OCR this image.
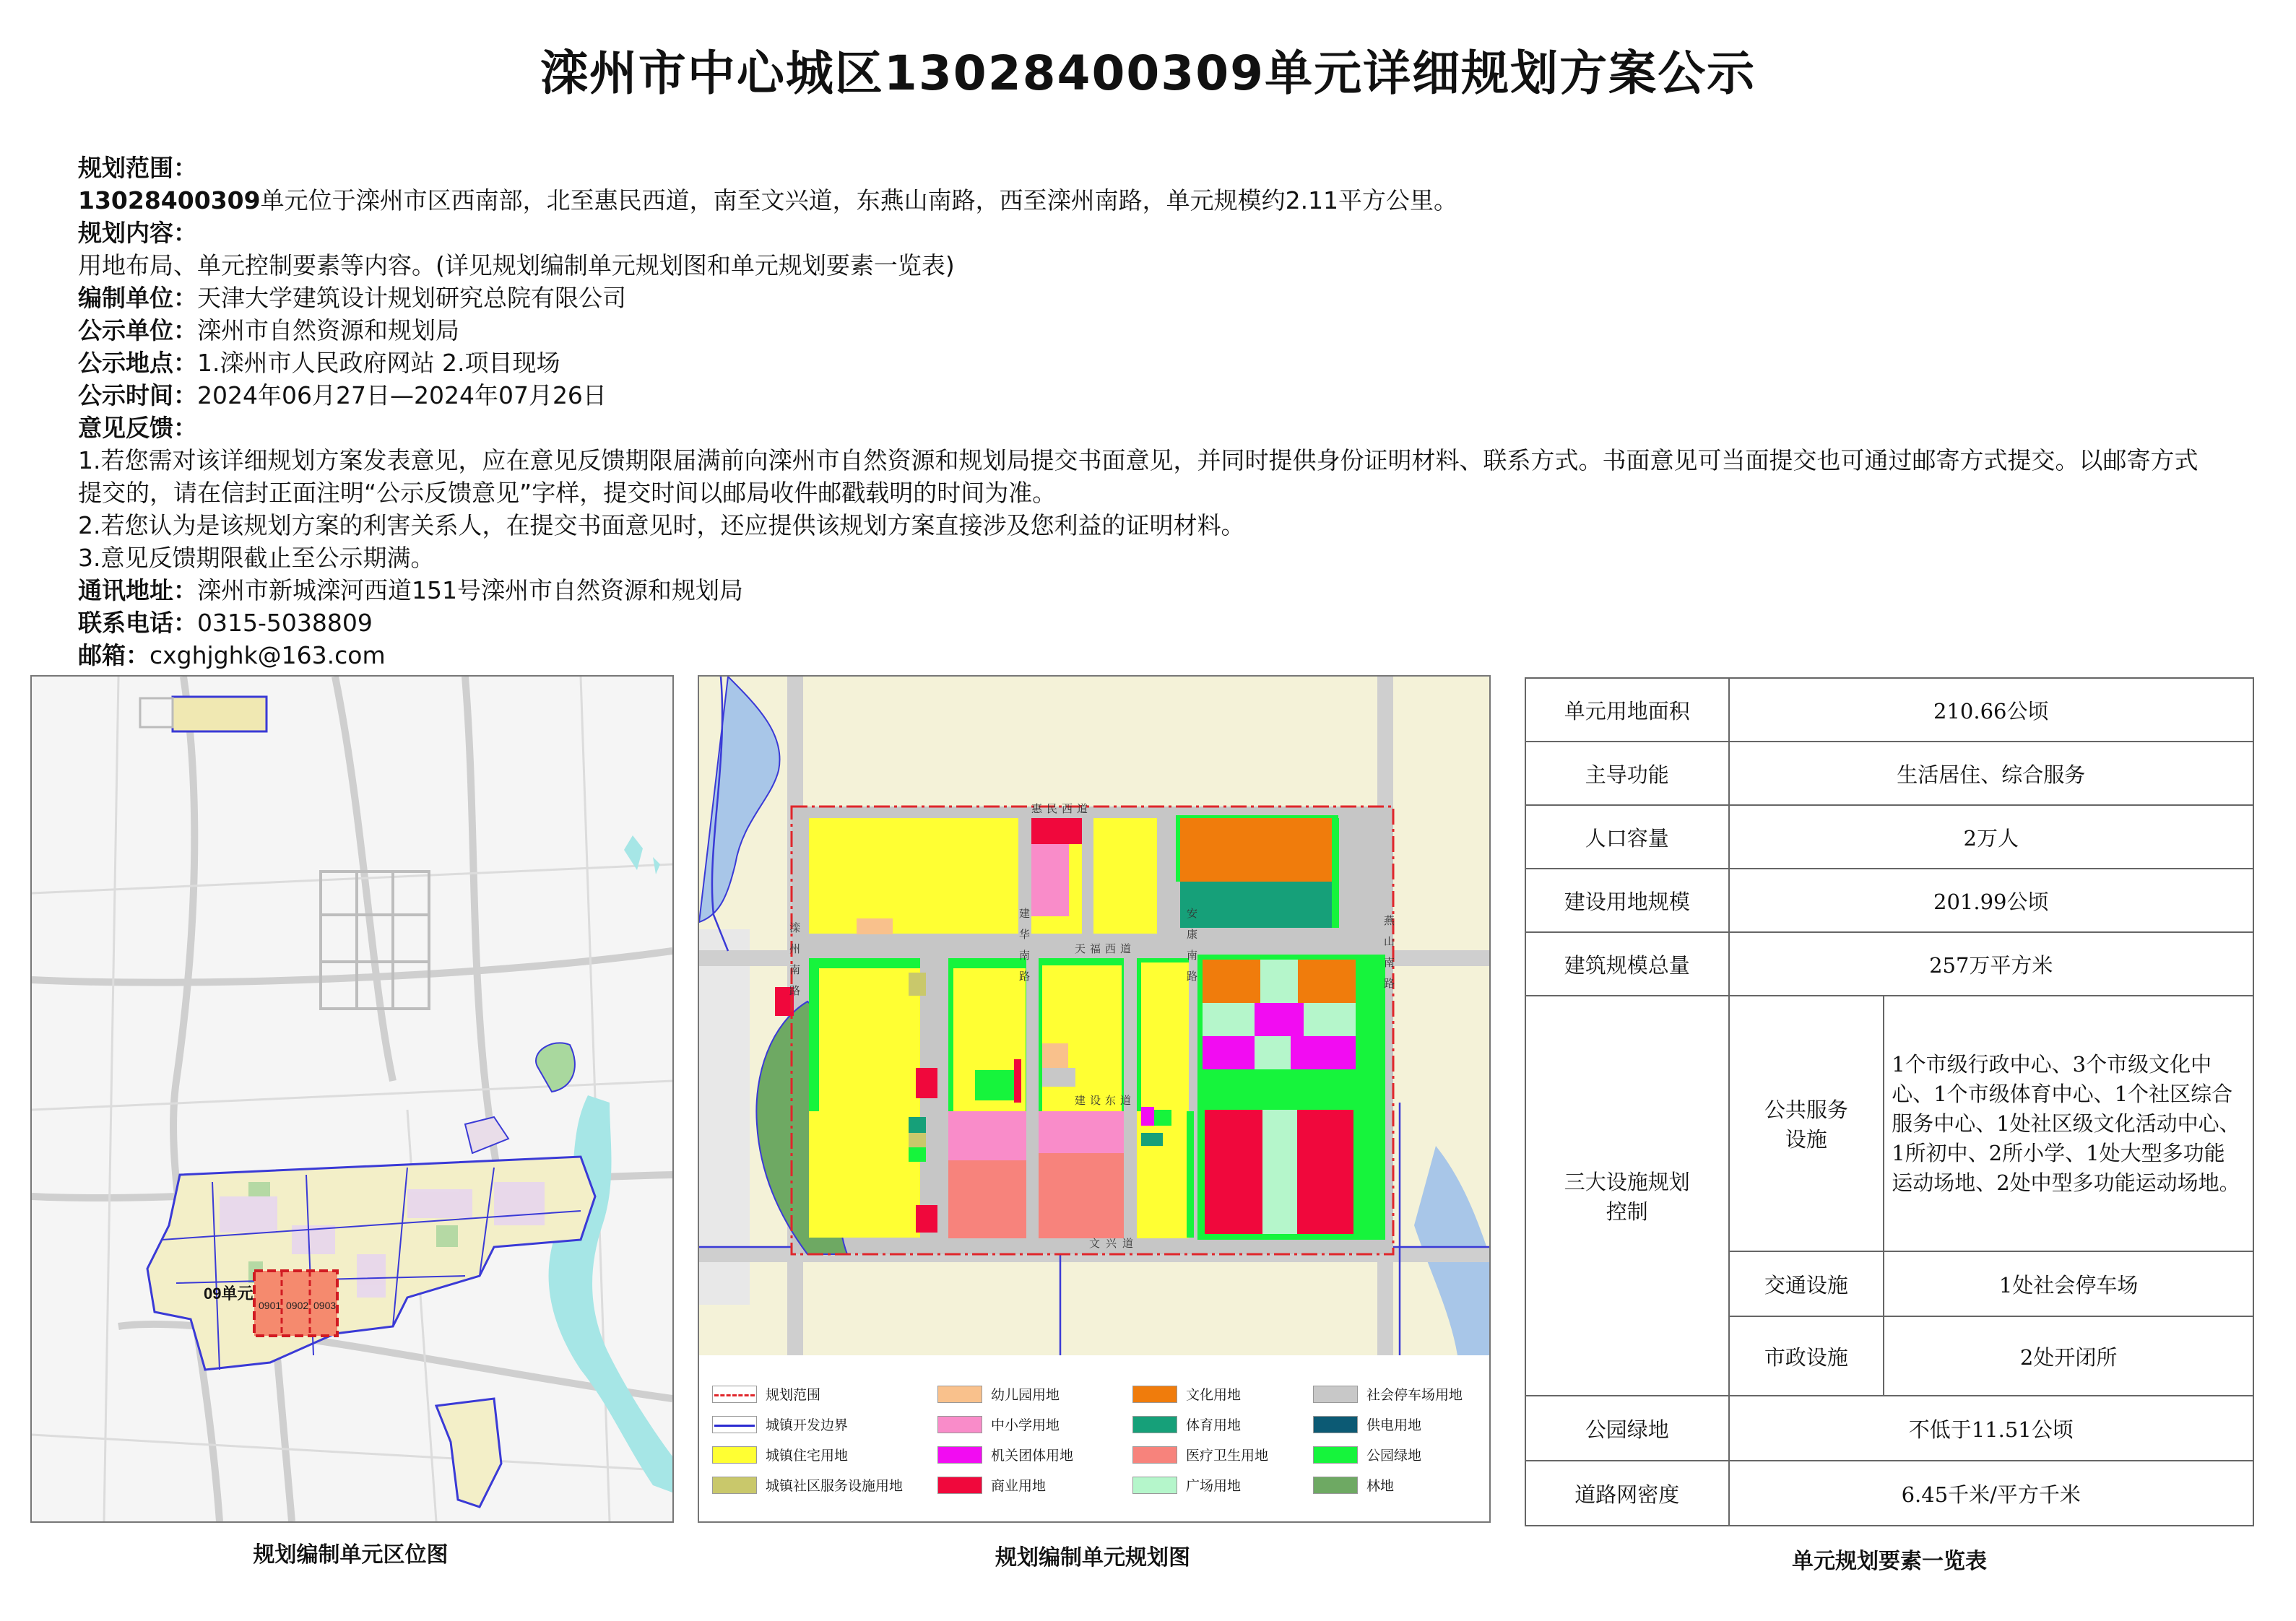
滦州市中心城区13028400309单元详细规划方案公示
规划范围：
13028400309单元位于滦州市区西南部，北至惠民西道，南至文兴道，东燕山南路，西至滦州南路，单元规模约2.11平方公里。
规划内容：
用地布局、单元控制要素等内容。(详见规划编制单元规划图和单元规划要素一览表)
编制单位：天津大学建筑设计规划研究总院有限公司
公示单位：滦州市自然资源和规划局
公示地点：1.滦州市人民政府网站 2.项目现场
公示时间：2024年06月27日—2024年07月26日
意见反馈：
1.若您需对该详细规划方案发表意见，应在意见反馈期限届满前向滦州市自然资源和规划局提交书面意见，并同时提供身份证明材料、联系方式。书面意见可当面提交也可通过邮寄方式提交。以邮寄方式提交的，请在信封正面注明“公示反馈意见”字样，提交时间以邮局收件邮戳载明的时间为准。
2.若您认为是该规划方案的利害关系人，在提交书面意见时，还应提供该规划方案直接涉及您利益的证明材料。
3.意见反馈期限截止至公示期满。
通讯地址：滦州市新城滦河西道151号滦州市自然资源和规划局
联系电话：0315-5038809
邮箱：cxghjghk@163.com
0901 0902 0903
09单元
规划编制单元区位图
惠民西道
天福西道
建设东道
文兴道
滦州南路	建华南路	安康南路	燕山南路
规划范围	幼儿园用地	文化用地	社会停车场用地
城镇开发边界	中小学用地	体育用地	供电用地
城镇住宅用地	机关团体用地	医疗卫生用地	公园绿地
城镇社区服务设施用地	商业用地	广场用地	林地
规划编制单元规划图
单元用地面积	210.66公顷	
主导功能	生活居住、综合服务	
人口容量	2万人	
建设用地规模	201.99公顷	
建筑规模总量	257万平方米	
三大设施规划控制	公共服务设施	1个市级行政中心、3个市级文化中心、1个市级体育中心、1个社区综合服务中心、1处社区级文化活动中心、1所初中、2所小学、1处大型多功能运动场地、2处中型多功能运动场地。
	交通设施	1处社会停车场
	市政设施	2处开闭所
公园绿地	不低于11.51公顷	
道路网密度	6.45千米/平方千米	
单元规划要素一览表
